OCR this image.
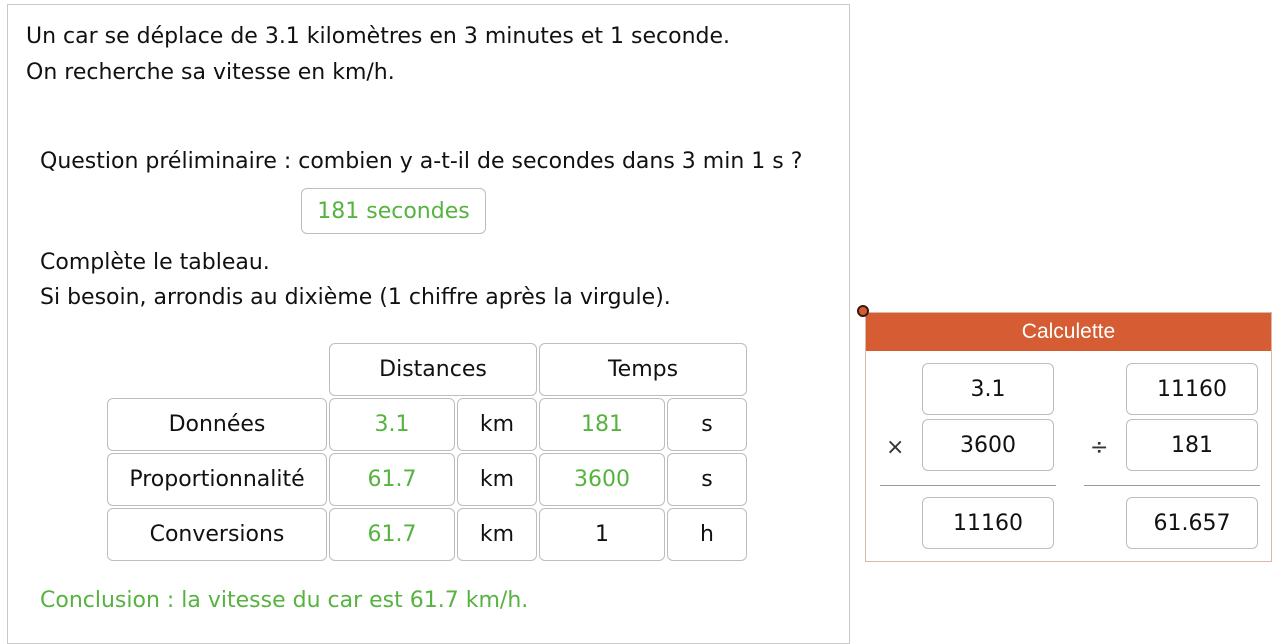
Un car se déplace de 3.1 kilomètres en 3 minutes et 1 seconde.
On recherche sa vitesse en km/h.
Question préliminaire : combien y a-t-il de secondes dans 3 min 1 s ?
181 secondes
Complète le tableau.
Si besoin, arrondis au dixième (1 chiffre après la virgule).
Distances	Temps
Données	3.1	km	181	s
Proportionnalité	61.7	km	3600	s
Conversions	61.7	km	1	h
Conclusion : la vitesse du car est 61.7 km/h.
Calculette
3.1
×	3600
11160
11160
÷	181
61.657
